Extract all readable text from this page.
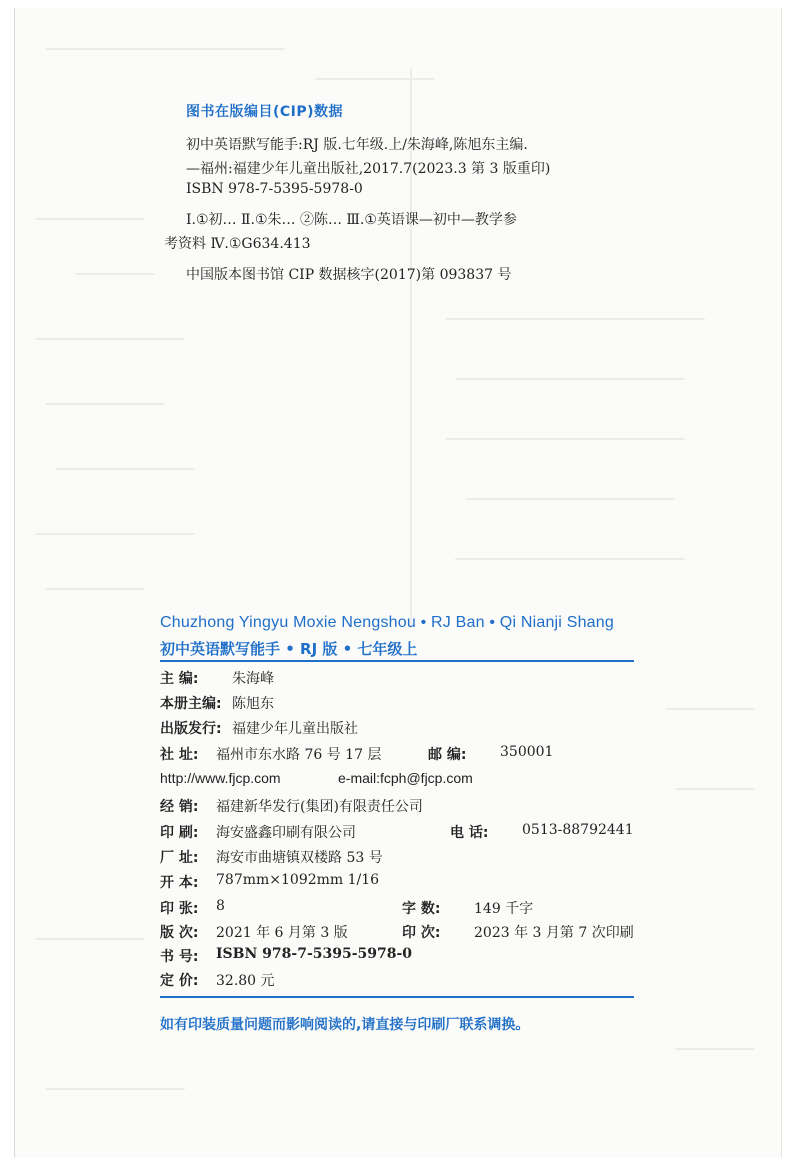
图书在版编目(CIP)数据
初中英语默写能手:RJ 版.七年级.上/朱海峰,陈旭东主编.
—福州:福建少年儿童出版社,2017.7(2023.3 第 3 版重印)
ISBN 978-7-5395-5978-0
Ⅰ.①初… Ⅱ.①朱… ②陈… Ⅲ.①英语课—初中—教学参
考资料 Ⅳ.①G634.413
中国版本图书馆 CIP 数据核字(2017)第 093837 号
Chuzhong Yingyu Moxie Nengshou • RJ Ban • Qi Nianji Shang
初中英语默写能手 • RJ 版 • 七年级上
主 编: 朱海峰
本册主编: 陈旭东
出版发行: 福建少年儿童出版社
社 址: 福州市东水路 76 号 17 层	邮 编: 350001
http://www.fjcp.com	e-mail:fcph@fjcp.com
经 销: 福建新华发行(集团)有限责任公司
印 刷: 海安盛鑫印刷有限公司	电 话: 0513-88792441
厂 址: 海安市曲塘镇双楼路 53 号
开 本: 787mm×1092mm 1/16
印 张: 8	字 数: 149 千字
版 次: 2021 年 6 月第 3 版	印 次: 2023 年 3 月第 7 次印刷
书 号: ISBN 978-7-5395-5978-0
定 价: 32.80 元
如有印装质量问题而影响阅读的,请直接与印刷厂联系调换。
